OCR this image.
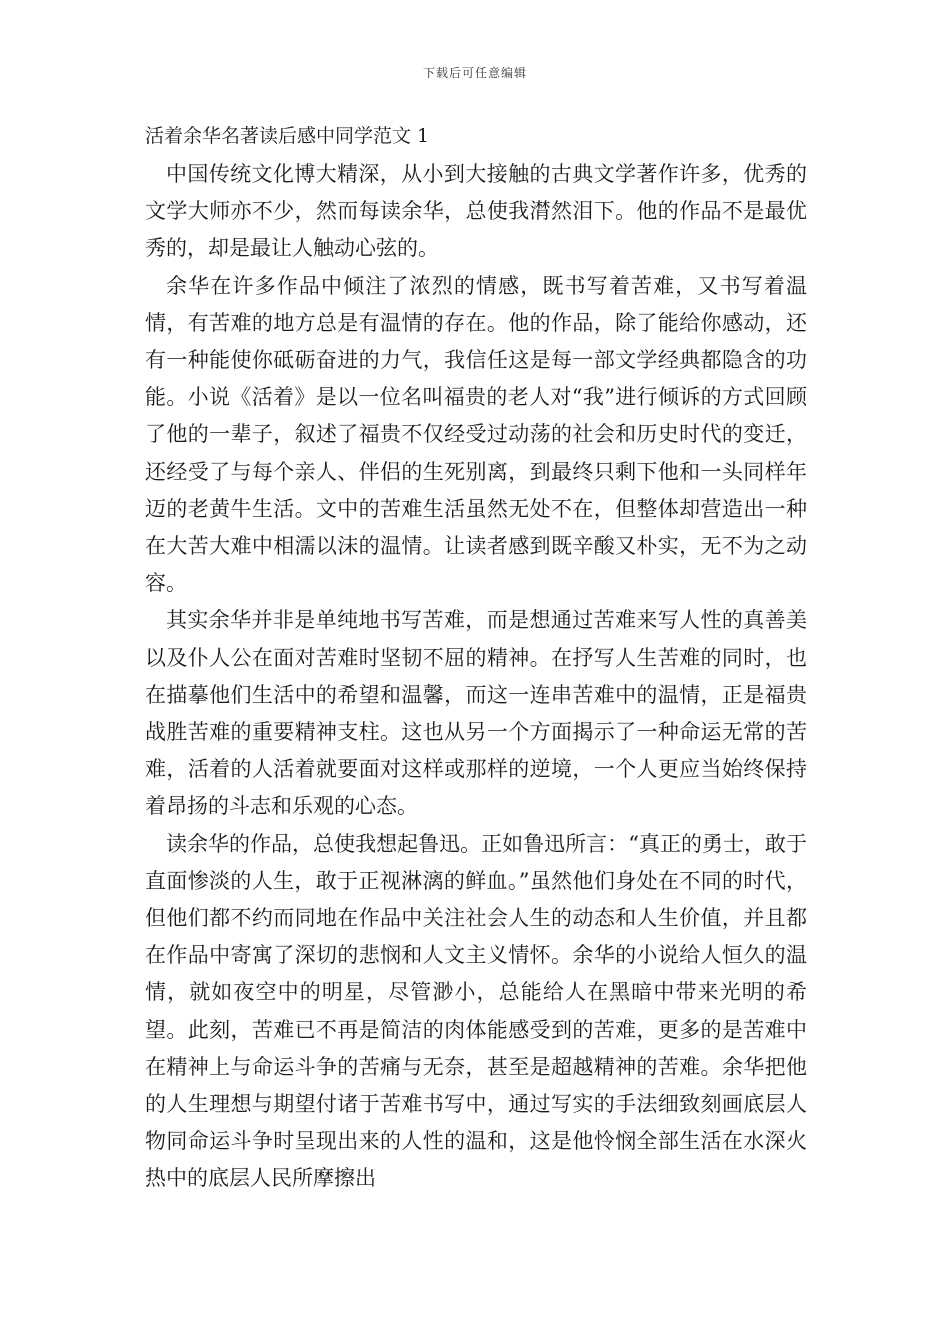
下载后可任意编辑
活着余华名著读后感中同学范文 1

中国传统文化博大精深，从小到大接触的古典文学著作许多，优秀的文学大师亦不少，然而每读余华，总使我潸然泪下。他的作品不是最优秀的，却是最让人触动心弦的。

余华在许多作品中倾注了浓烈的情感，既书写着苦难，又书写着温情，有苦难的地方总是有温情的存在。他的作品，除了能给你感动，还有一种能使你砥砺奋进的力气，我信任这是每一部文学经典都隐含的功能。小说《活着》是以一位名叫福贵的老人对“我”进行倾诉的方式回顾了他的一辈子，叙述了福贵不仅经受过动荡的社会和历史时代的变迁，还经受了与每个亲人、伴侣的生死别离，到最终只剩下他和一头同样年迈的老黄牛生活。文中的苦难生活虽然无处不在，但整体却营造出一种在大苦大难中相濡以沫的温情。让读者感到既辛酸又朴实，无不为之动容。

其实余华并非是单纯地书写苦难，而是想通过苦难来写人性的真善美以及仆人公在面对苦难时坚韧不屈的精神。在抒写人生苦难的同时，也在描摹他们生活中的希望和温馨，而这一连串苦难中的温情，正是福贵战胜苦难的重要精神支柱。这也从另一个方面揭示了一种命运无常的苦难，活着的人活着就要面对这样或那样的逆境，一个人更应当始终保持着昂扬的斗志和乐观的心态。

读余华的作品，总使我想起鲁迅。正如鲁迅所言：“真正的勇士，敢于直面惨淡的人生，敢于正视淋漓的鲜血。”虽然他们身处在不同的时代，但他们都不约而同地在作品中关注社会人生的动态和人生价值，并且都在作品中寄寓了深切的悲悯和人文主义情怀。余华的小说给人恒久的温情，就如夜空中的明星，尽管渺小，总能给人在黑暗中带来光明的希望。此刻，苦难已不再是简洁的肉体能感受到的苦难，更多的是苦难中在精神上与命运斗争的苦痛与无奈，甚至是超越精神的苦难。余华把他的人生理想与期望付诸于苦难书写中，通过写实的手法细致刻画底层人物同命运斗争时呈现出来的人性的温和，这是他怜悯全部生活在水深火热中的底层人民所摩擦出
